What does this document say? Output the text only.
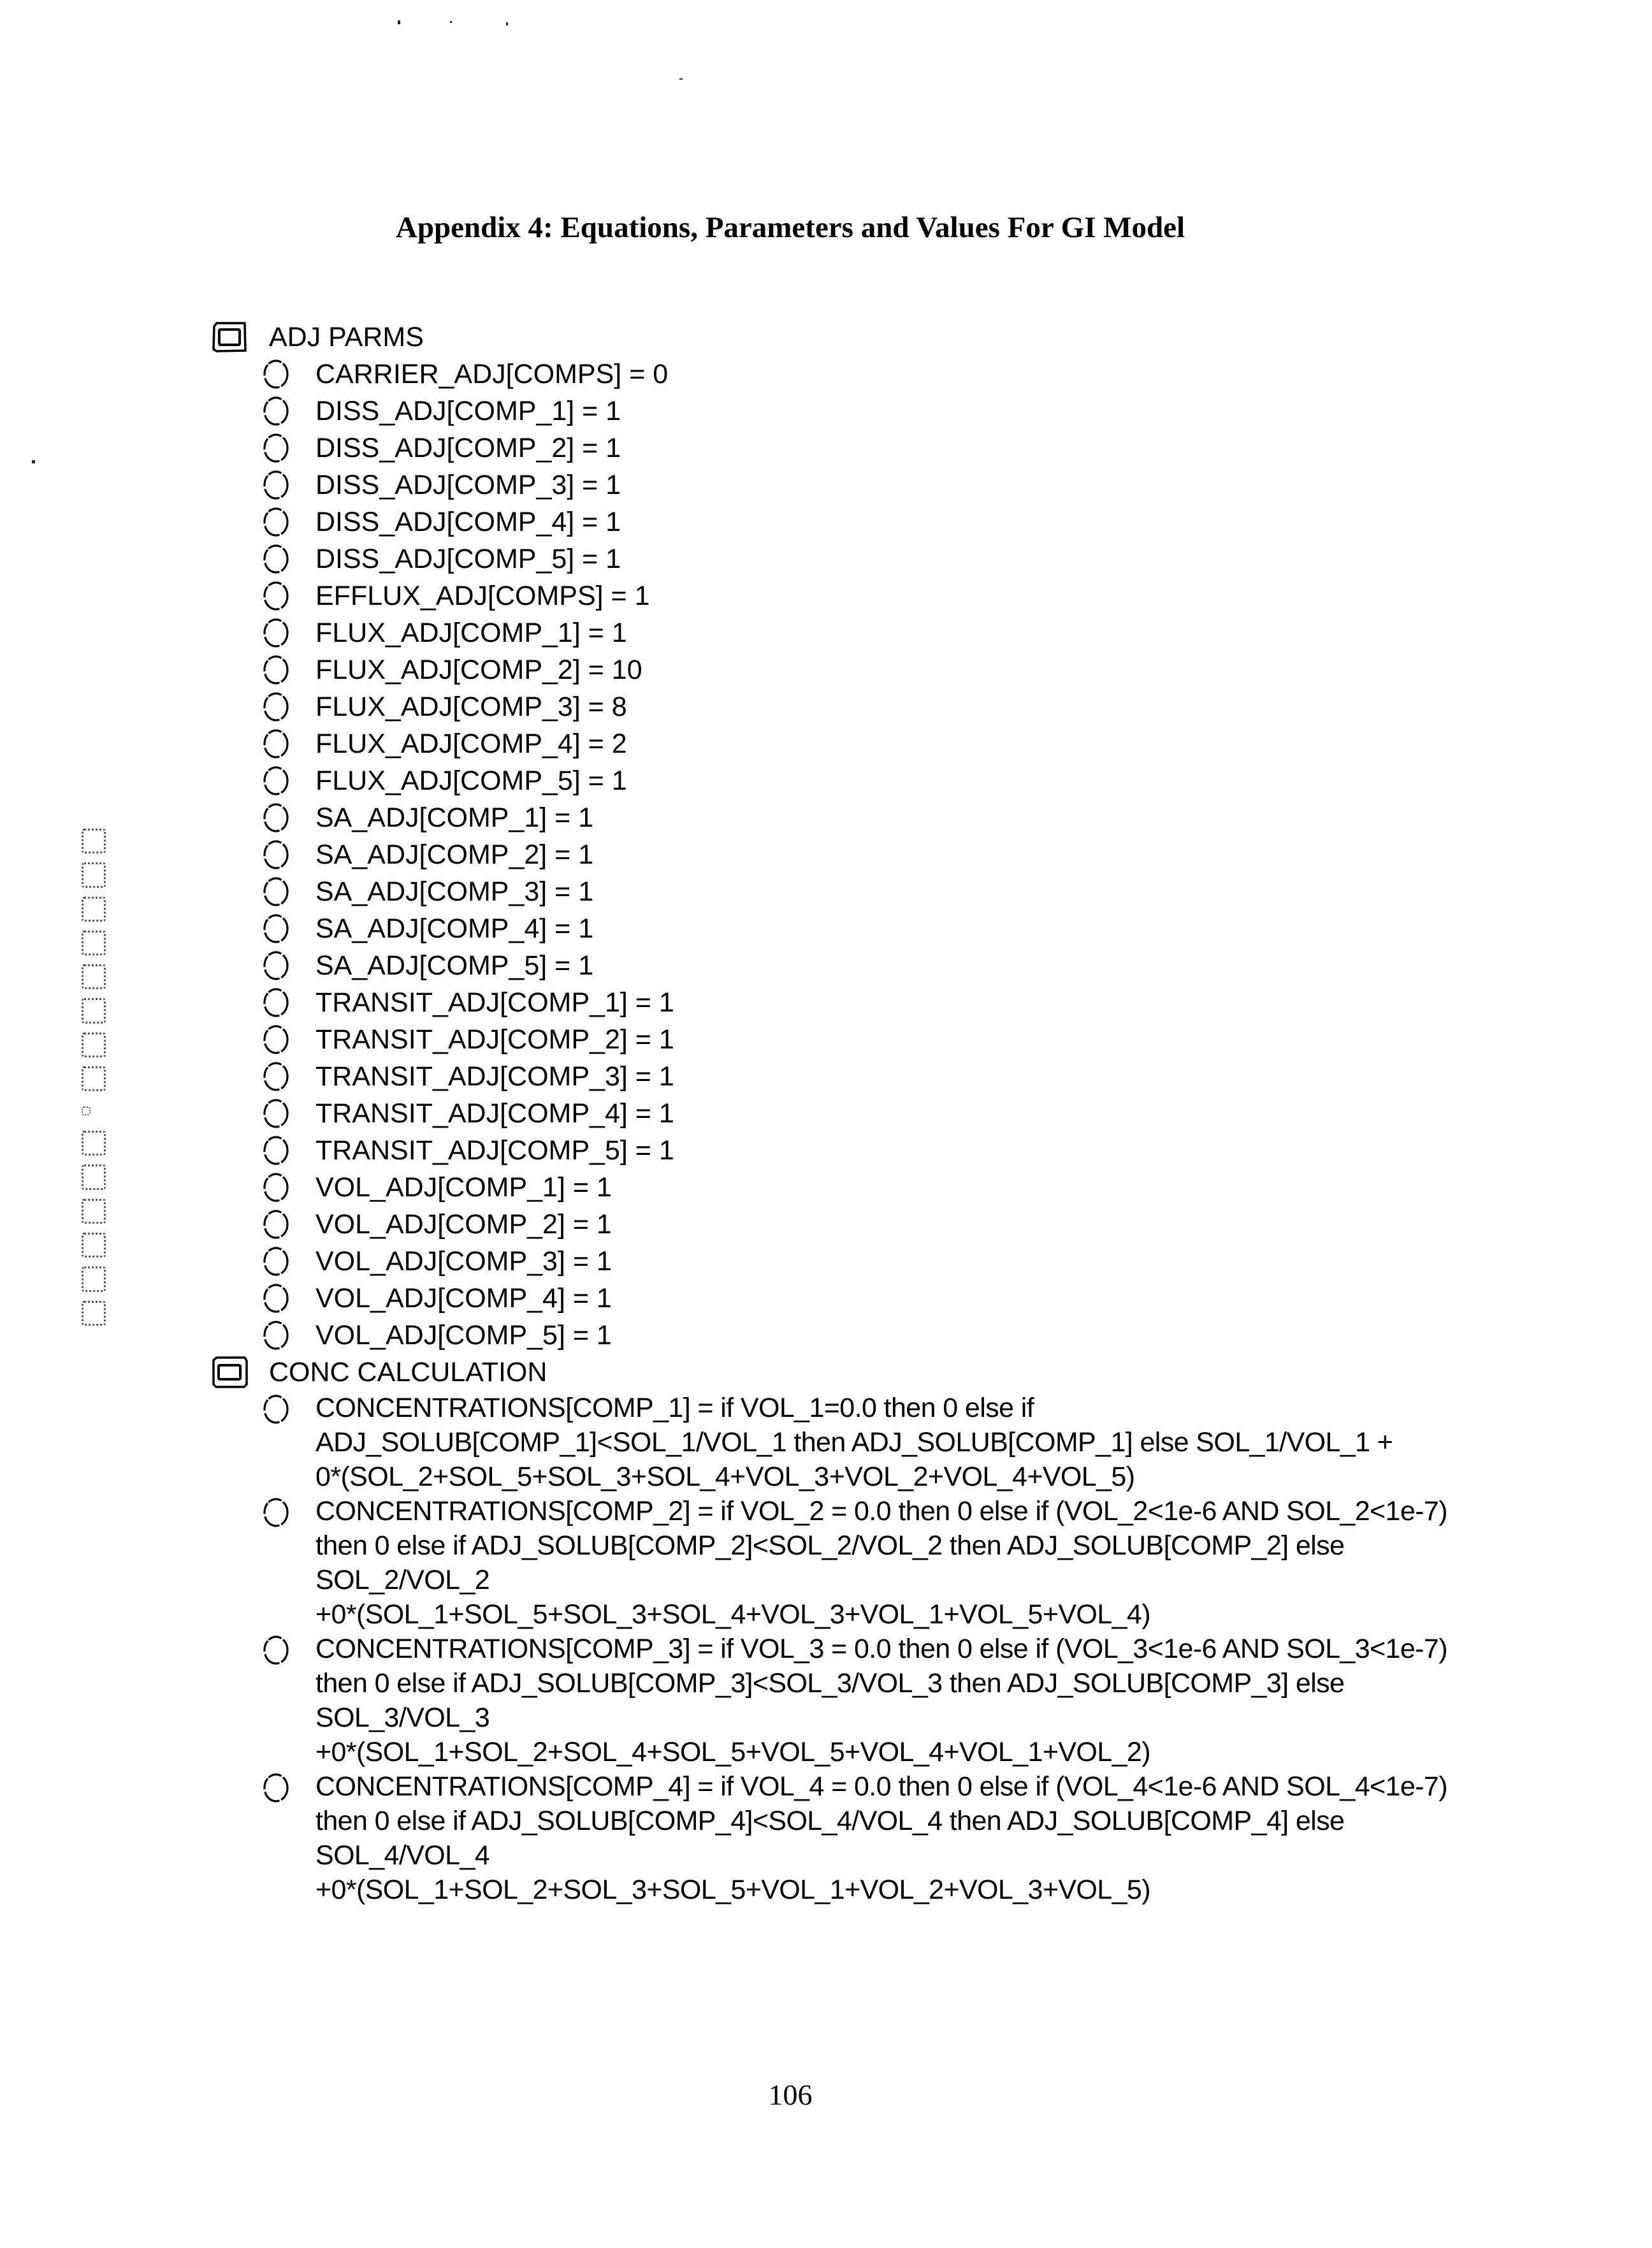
Appendix 4: Equations, Parameters and Values For GI Model
ADJ PARMS
CARRIER_ADJ[COMPS] = 0
DISS_ADJ[COMP_1] = 1
DISS_ADJ[COMP_2] = 1
DISS_ADJ[COMP_3] = 1
DISS_ADJ[COMP_4] = 1
DISS_ADJ[COMP_5] = 1
EFFLUX_ADJ[COMPS] = 1
FLUX_ADJ[COMP_1] = 1
FLUX_ADJ[COMP_2] = 10
FLUX_ADJ[COMP_3] = 8
FLUX_ADJ[COMP_4] = 2
FLUX_ADJ[COMP_5] = 1
SA_ADJ[COMP_1] = 1
SA_ADJ[COMP_2] = 1
SA_ADJ[COMP_3] = 1
SA_ADJ[COMP_4] = 1
SA_ADJ[COMP_5] = 1
TRANSIT_ADJ[COMP_1] = 1
TRANSIT_ADJ[COMP_2] = 1
TRANSIT_ADJ[COMP_3] = 1
TRANSIT_ADJ[COMP_4] = 1
TRANSIT_ADJ[COMP_5] = 1
VOL_ADJ[COMP_1] = 1
VOL_ADJ[COMP_2] = 1
VOL_ADJ[COMP_3] = 1
VOL_ADJ[COMP_4] = 1
VOL_ADJ[COMP_5] = 1
CONC CALCULATION
CONCENTRATIONS[COMP_1] = if VOL_1=0.0 then 0 else if
ADJ_SOLUB[COMP_1]<SOL_1/VOL_1 then ADJ_SOLUB[COMP_1] else SOL_1/VOL_1 +
0*(SOL_2+SOL_5+SOL_3+SOL_4+VOL_3+VOL_2+VOL_4+VOL_5)
CONCENTRATIONS[COMP_2] = if VOL_2 = 0.0 then 0 else if (VOL_2<1e-6 AND SOL_2<1e-7)
then 0 else if ADJ_SOLUB[COMP_2]<SOL_2/VOL_2 then ADJ_SOLUB[COMP_2] else
SOL_2/VOL_2
+0*(SOL_1+SOL_5+SOL_3+SOL_4+VOL_3+VOL_1+VOL_5+VOL_4)
CONCENTRATIONS[COMP_3] = if VOL_3 = 0.0 then 0 else if (VOL_3<1e-6 AND SOL_3<1e-7)
then 0 else if ADJ_SOLUB[COMP_3]<SOL_3/VOL_3 then ADJ_SOLUB[COMP_3] else
SOL_3/VOL_3
+0*(SOL_1+SOL_2+SOL_4+SOL_5+VOL_5+VOL_4+VOL_1+VOL_2)
CONCENTRATIONS[COMP_4] = if VOL_4 = 0.0 then 0 else if (VOL_4<1e-6 AND SOL_4<1e-7)
then 0 else if ADJ_SOLUB[COMP_4]<SOL_4/VOL_4 then ADJ_SOLUB[COMP_4] else
SOL_4/VOL_4
+0*(SOL_1+SOL_2+SOL_3+SOL_5+VOL_1+VOL_2+VOL_3+VOL_5)
106
